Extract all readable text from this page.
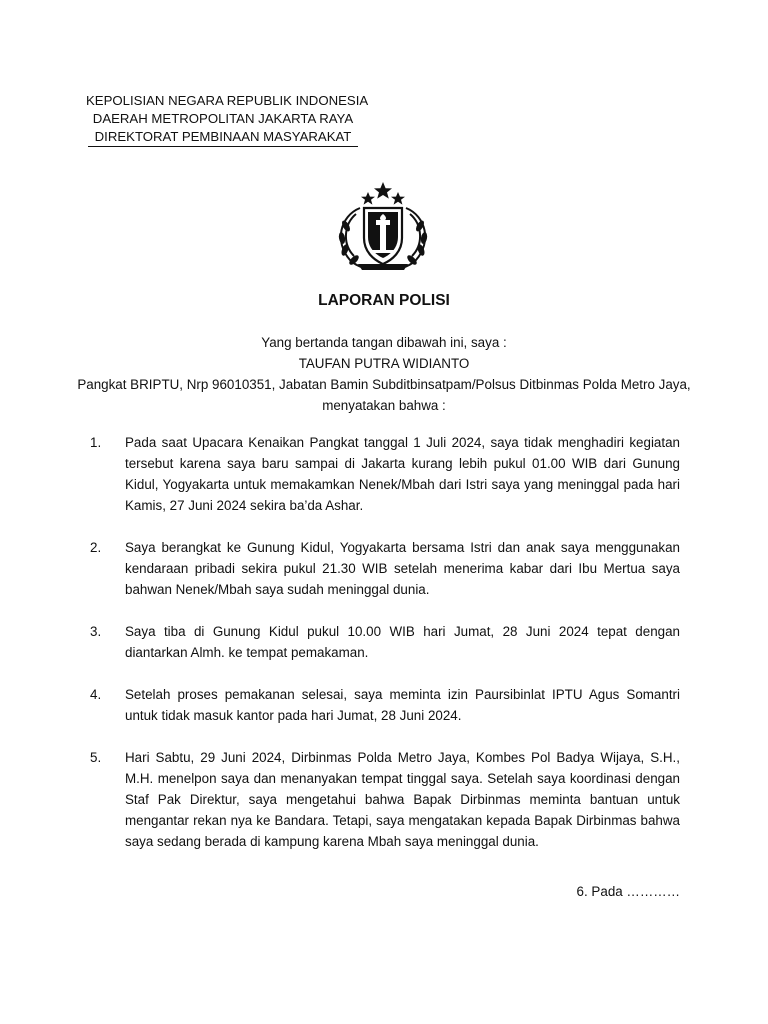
KEPOLISIAN NEGARA REPUBLIK INDONESIA
DAERAH METROPOLITAN JAKARTA RAYA
DIREKTORAT PEMBINAAN MASYARAKAT
LAPORAN POLISI
Yang bertanda tangan dibawah ini, saya :
TAUFAN PUTRA WIDIANTO
Pangkat BRIPTU, Nrp 96010351, Jabatan Bamin Subditbinsatpam/Polsus Ditbinmas Polda Metro Jaya,
menyatakan bahwa :
1. Pada saat Upacara Kenaikan Pangkat tanggal 1 Juli 2024, saya tidak menghadiri kegiatan tersebut karena saya baru sampai di Jakarta kurang lebih pukul 01.00 WIB dari Gunung Kidul, Yogyakarta untuk memakamkan Nenek/Mbah dari Istri saya yang meninggal pada hari Kamis, 27 Juni 2024 sekira ba’da Ashar.
2. Saya berangkat ke Gunung Kidul, Yogyakarta bersama Istri dan anak saya menggunakan kendaraan pribadi sekira pukul 21.30 WIB setelah menerima kabar dari Ibu Mertua saya bahwan Nenek/Mbah saya sudah meninggal dunia.
3. Saya tiba di Gunung Kidul pukul 10.00 WIB hari Jumat, 28 Juni 2024 tepat dengan diantarkan Almh. ke tempat pemakaman.
4. Setelah proses pemakanan selesai, saya meminta izin Paursibinlat IPTU Agus Somantri untuk tidak masuk kantor pada hari Jumat, 28 Juni 2024.
5. Hari Sabtu, 29 Juni 2024, Dirbinmas Polda Metro Jaya, Kombes Pol Badya Wijaya, S.H., M.H. menelpon saya dan menanyakan tempat tinggal saya. Setelah saya koordinasi dengan Staf Pak Direktur, saya mengetahui bahwa Bapak Dirbinmas meminta bantuan untuk mengantar rekan nya ke Bandara. Tetapi, saya mengatakan kepada Bapak Dirbinmas bahwa saya sedang berada di kampung karena Mbah saya meninggal dunia.
6. Pada …………
